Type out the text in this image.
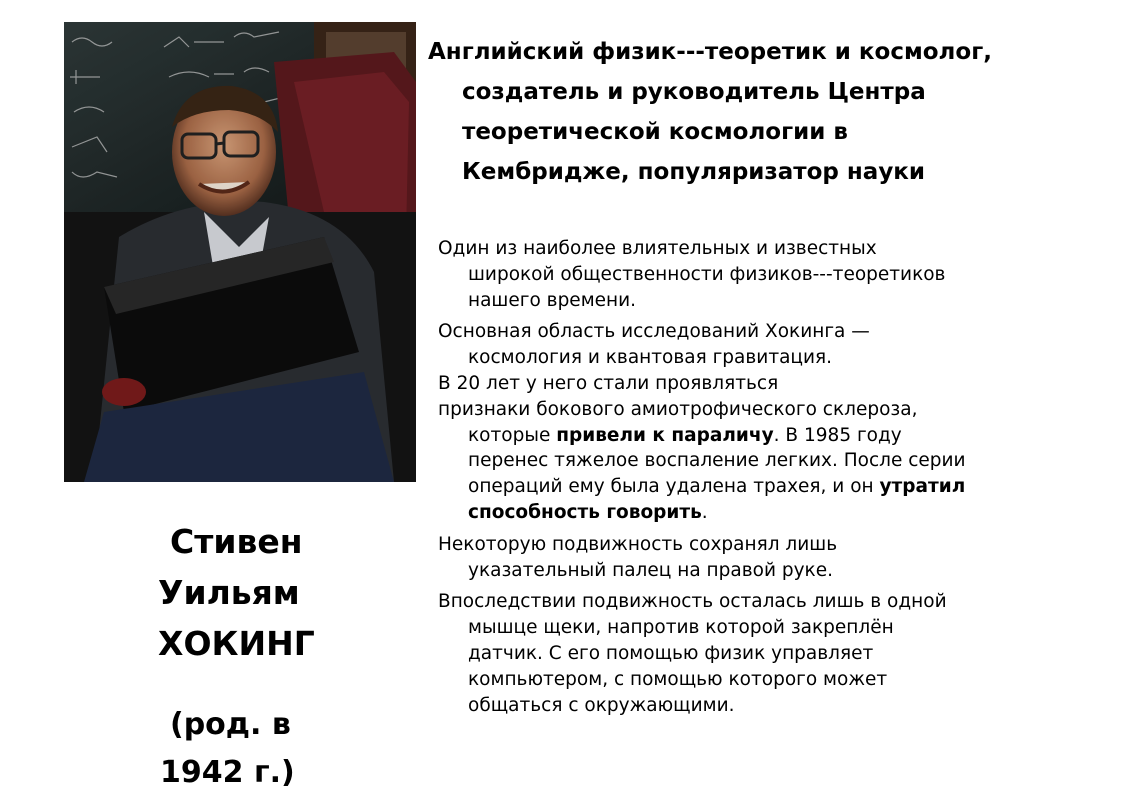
Английский физик---теоретик и космолог,
создатель и руководитель Центра
теоретической космологии в
Кембридже, популяризатор науки
Один из наиболее влиятельных и известных
широкой общественности физиков---теоретиков
нашего времени.
Основная область исследований Хокинга —
космология и квантовая гравитация.
В 20 лет у него стали проявляться
признаки бокового амиотрофического склероза,
которые привели к параличу. В 1985 году
перенес тяжелое воспаление легких. После серии
операций ему была удалена трахея, и он утратил
способность говорить.
Некоторую подвижность сохранял лишь
указательный палец на правой руке.
Впоследствии подвижность осталась лишь в одной
мышце щеки, напротив которой закреплён
датчик. С его помощью физик управляет
компьютером, с помощью которого может
общаться с окружающими.
Стивен
Уильям
ХОКИНГ
(род. в
1942 г.)
